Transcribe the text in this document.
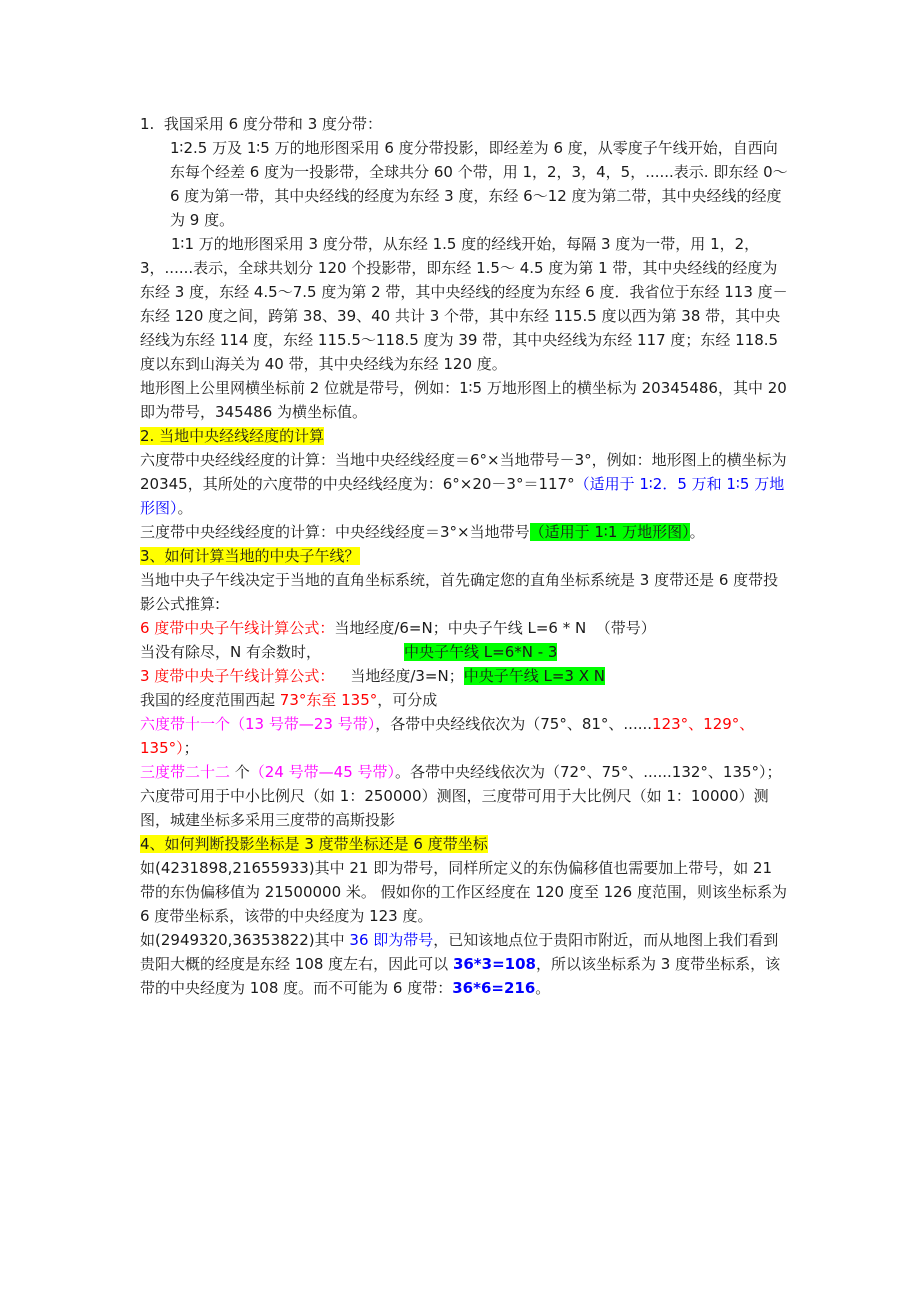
1.  我国采用 6 度分带和 3 度分带：

1∶2.5 万及 1∶5 万的地形图采用 6 度分带投影，即经差为 6 度，从零度子午线开始，自西向东每个经差 6 度为一投影带，全球共分 60 个带，用 1，2，3，4，5，......表示. 即东经 0～6 度为第一带，其中央经线的经度为东经 3 度，东经 6～12 度为第二带，其中央经线的经度为 9 度。

1∶1 万的地形图采用 3 度分带，从东经 1.5 度的经线开始，每隔 3 度为一带，用 1，2，3，......表示，全球共划分 120 个投影带，即东经 1.5～ 4.5 度为第 1 带，其中央经线的经度为东经 3 度，东经 4.5～7.5 度为第 2 带，其中央经线的经度为东经 6 度．我省位于东经 113 度－东经 120 度之间，跨第 38、39、40 共计 3 个带，其中东经 115.5 度以西为第 38 带，其中央经线为东经 114 度，东经 115.5～118.5 度为 39 带，其中央经线为东经 117 度；东经 118.5 度以东到山海关为 40 带，其中央经线为东经 120 度。

地形图上公里网横坐标前 2 位就是带号，例如：1∶5 万地形图上的横坐标为 20345486，其中 20 即为带号，345486 为横坐标值。

2. 当地中央经线经度的计算

六度带中央经线经度的计算：当地中央经线经度＝6°×当地带号－3°，例如：地形图上的横坐标为 20345，其所处的六度带的中央经线经度为：6°×20－3°＝117°（适用于 1∶2．5 万和 1∶5 万地形图）。

三度带中央经线经度的计算：中央经线经度＝3°×当地带号（适用于 1∶1 万地形图）。

3、如何计算当地的中央子午线？

当地中央子午线决定于当地的直角坐标系统，首先确定您的直角坐标系统是 3 度带还是 6 度带投影公式推算:

6 度带中央子午线计算公式：当地经度/6=N；中央子午线 L=6 * N  （带号）

当没有除尽，N 有余数时，	中央子午线 L=6*N - 3

3 度带中央子午线计算公式： 当地经度/3=N；中央子午线 L=3 X N

我国的经度范围西起 73°东至 135°，可分成

六度带十一个（13 号带—23 号带），各带中央经线依次为（75°、81°、......123°、129°、135°）；

三度带二十二 个（24 号带—45 号带）。各带中央经线依次为（72°、75°、......132°、135°）；

六度带可用于中小比例尺（如 1：250000）测图，三度带可用于大比例尺（如 1：10000）测图，城建坐标多采用三度带的高斯投影

4、如何判断投影坐标是 3 度带坐标还是 6 度带坐标

如(4231898,21655933)其中 21 即为带号，同样所定义的东伪偏移值也需要加上带号，如 21 带的东伪偏移值为 21500000 米。 假如你的工作区经度在 120 度至 126 度范围，则该坐标系为 6 度带坐标系，该带的中央经度为 123 度。

如(2949320,36353822)其中 36 即为带号，已知该地点位于贵阳市附近，而从地图上我们看到贵阳大概的经度是东经 108 度左右，因此可以 36*3=108，所以该坐标系为 3 度带坐标系，该带的中央经度为 108 度。而不可能为 6 度带：36*6=216。
